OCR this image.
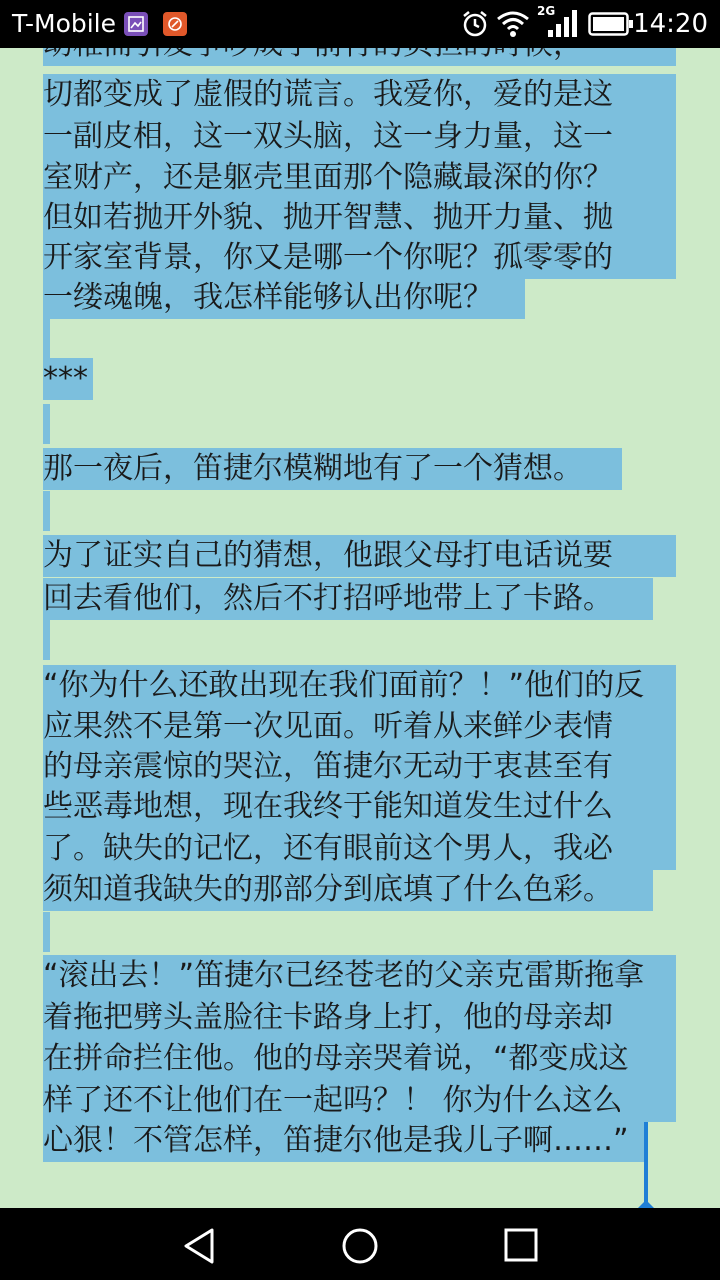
切都变成了虚假的谎言。我爱你，爱的是这
一副皮相，这一双头脑，这一身力量，这一
室财产，还是躯壳里面那个隐藏最深的你？
但如若抛开外貌、抛开智慧、抛开力量、抛
开家室背景，你又是哪一个你呢？孤零零的
一缕魂魄，我怎样能够认出你呢？
***
那一夜后，笛捷尔模糊地有了一个猜想。
为了证实自己的猜想，他跟父母打电话说要
回去看他们，然后不打招呼地带上了卡路。
“你为什么还敢出现在我们面前？！”他们的反
应果然不是第一次见面。听着从来鲜少表情
的母亲震惊的哭泣，笛捷尔无动于衷甚至有
些恶毒地想，现在我终于能知道发生过什么
了。缺失的记忆，还有眼前这个男人，我必
须知道我缺失的那部分到底填了什么色彩。
“滚出去！”笛捷尔已经苍老的父亲克雷斯拖拿
着拖把劈头盖脸往卡路身上打，他的母亲却
在拼命拦住他。他的母亲哭着说，“都变成这
样了还不让他们在一起吗？！ 你为什么这么
心狠！不管怎样，笛捷尔他是我儿子啊……”
T-Mobile	2G	14:20
